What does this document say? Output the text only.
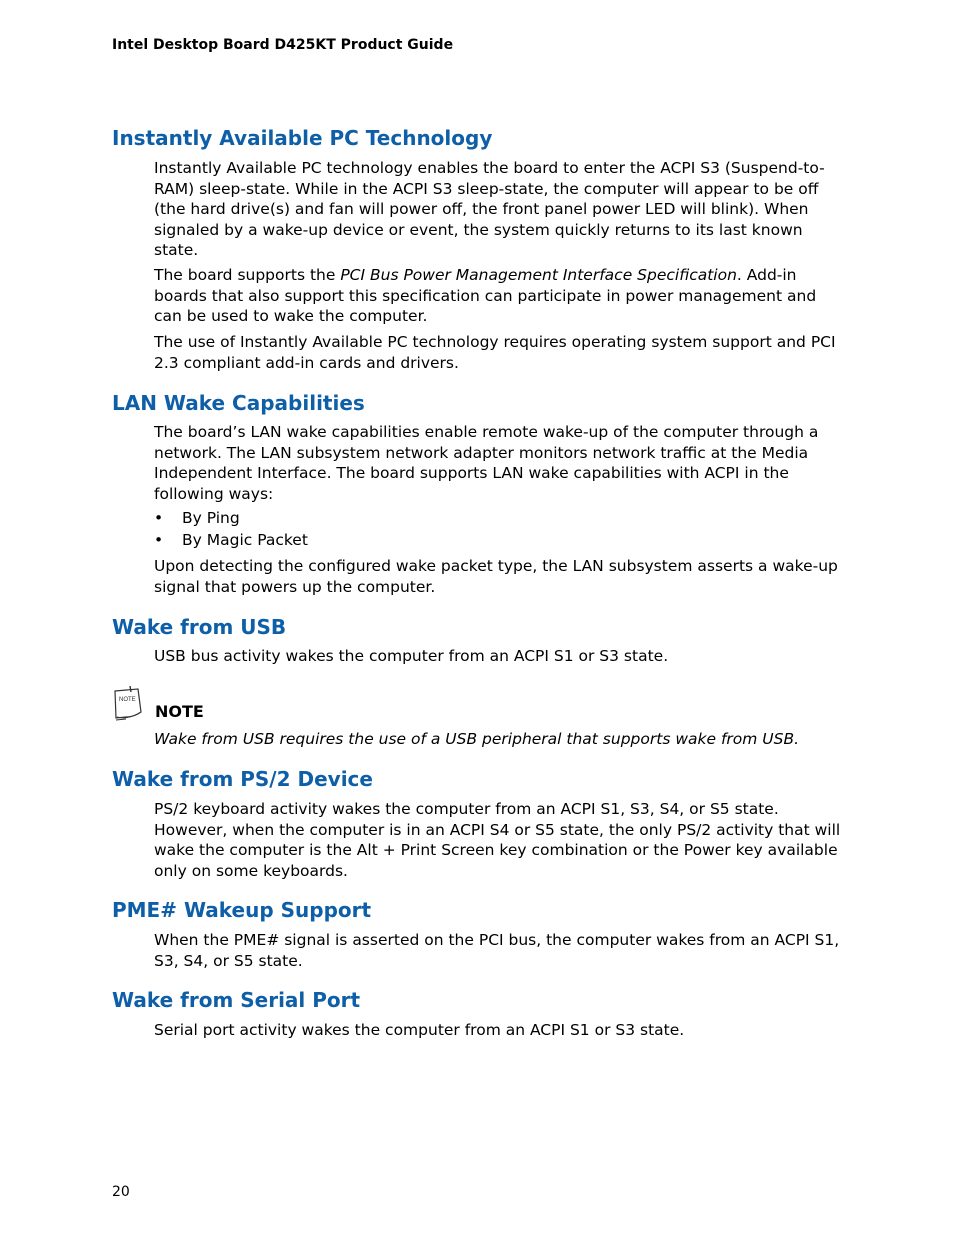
Intel Desktop Board D425KT Product Guide
Instantly Available PC Technology

Instantly Available PC technology enables the board to enter the ACPI S3 (Suspend-to-RAM) sleep-state. While in the ACPI S3 sleep-state, the computer will appear to be off (the hard drive(s) and fan will power off, the front panel power LED will blink). When signaled by a wake-up device or event, the system quickly returns to its last known state.

The board supports the PCI Bus Power Management Interface Specification. Add-in boards that also support this specification can participate in power management and can be used to wake the computer.

The use of Instantly Available PC technology requires operating system support and PCI 2.3 compliant add-in cards and drivers.

LAN Wake Capabilities

The board’s LAN wake capabilities enable remote wake-up of the computer through a network. The LAN subsystem network adapter monitors network traffic at the Media Independent Interface. The board supports LAN wake capabilities with ACPI in the following ways:

• By Ping
• By Magic Packet

Upon detecting the configured wake packet type, the LAN subsystem asserts a wake-up signal that powers up the computer.

Wake from USB

USB bus activity wakes the computer from an ACPI S1 or S3 state.

NOTE
NOTE
Wake from USB requires the use of a USB peripheral that supports wake from USB.
Wake from PS/2 Device

PS/2 keyboard activity wakes the computer from an ACPI S1, S3, S4, or S5 state. However, when the computer is in an ACPI S4 or S5 state, the only PS/2 activity that will wake the computer is the Alt + Print Screen key combination or the Power key available only on some keyboards.

PME# Wakeup Support

When the PME# signal is asserted on the PCI bus, the computer wakes from an ACPI S1, S3, S4, or S5 state.

Wake from Serial Port

Serial port activity wakes the computer from an ACPI S1 or S3 state.

20
